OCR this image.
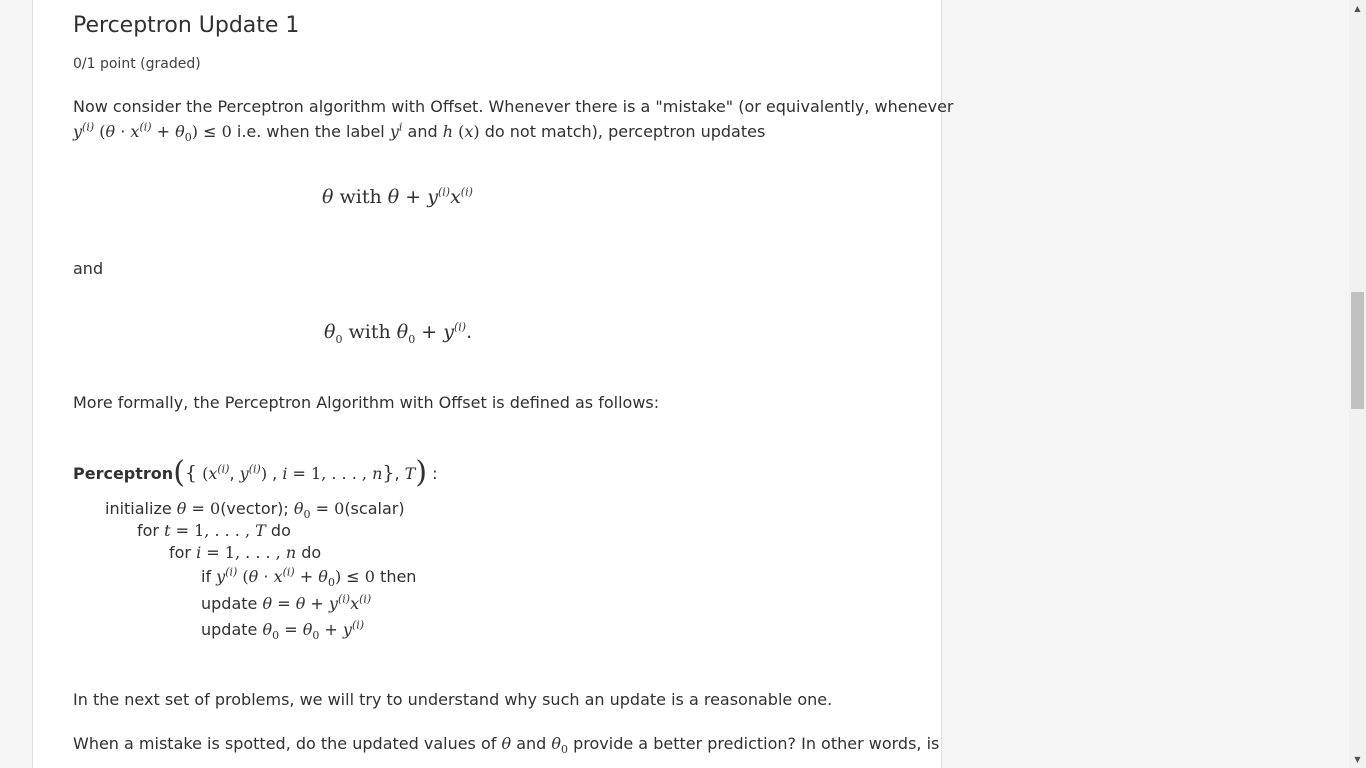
Perceptron Update 1
0/1 point (graded)
Now consider the Perceptron algorithm with Offset. Whenever there is a "mistake" (or equivalently, whenever
$y^{(i)}$ $(\theta \cdot x^{(i)} + \theta_0) \le 0$ i.e. when the label $y^i$ and h (x) do not match), perceptron updates
θ with $\theta + y^{(i)}x^{(i)}$
and
$\theta_0$ with $\theta_0 + y^{(i)}$.
More formally, the Perceptron Algorithm with Offset is defined as follows:
Perceptron({ ($x^{(i)}$, $y^{(i)}$) , i = 1, . . . , n}, T) :
initialize θ = 0(vector); $\theta_0$ = 0(scalar)
for t = 1, . . . , T do
for i = 1, . . . , n do
if $y^{(i)}$ $(\theta \cdot x^{(i)} + \theta_0) \le 0$ then
update $\theta = \theta + y^{(i)}x^{(i)}$
update $\theta_0 = \theta_0 + y^{(i)}$
In the next set of problems, we will try to understand why such an update is a reasonable one.
When a mistake is spotted, do the updated values of θ and $\theta_0$ provide a better prediction? In other words, is
▲
▼
